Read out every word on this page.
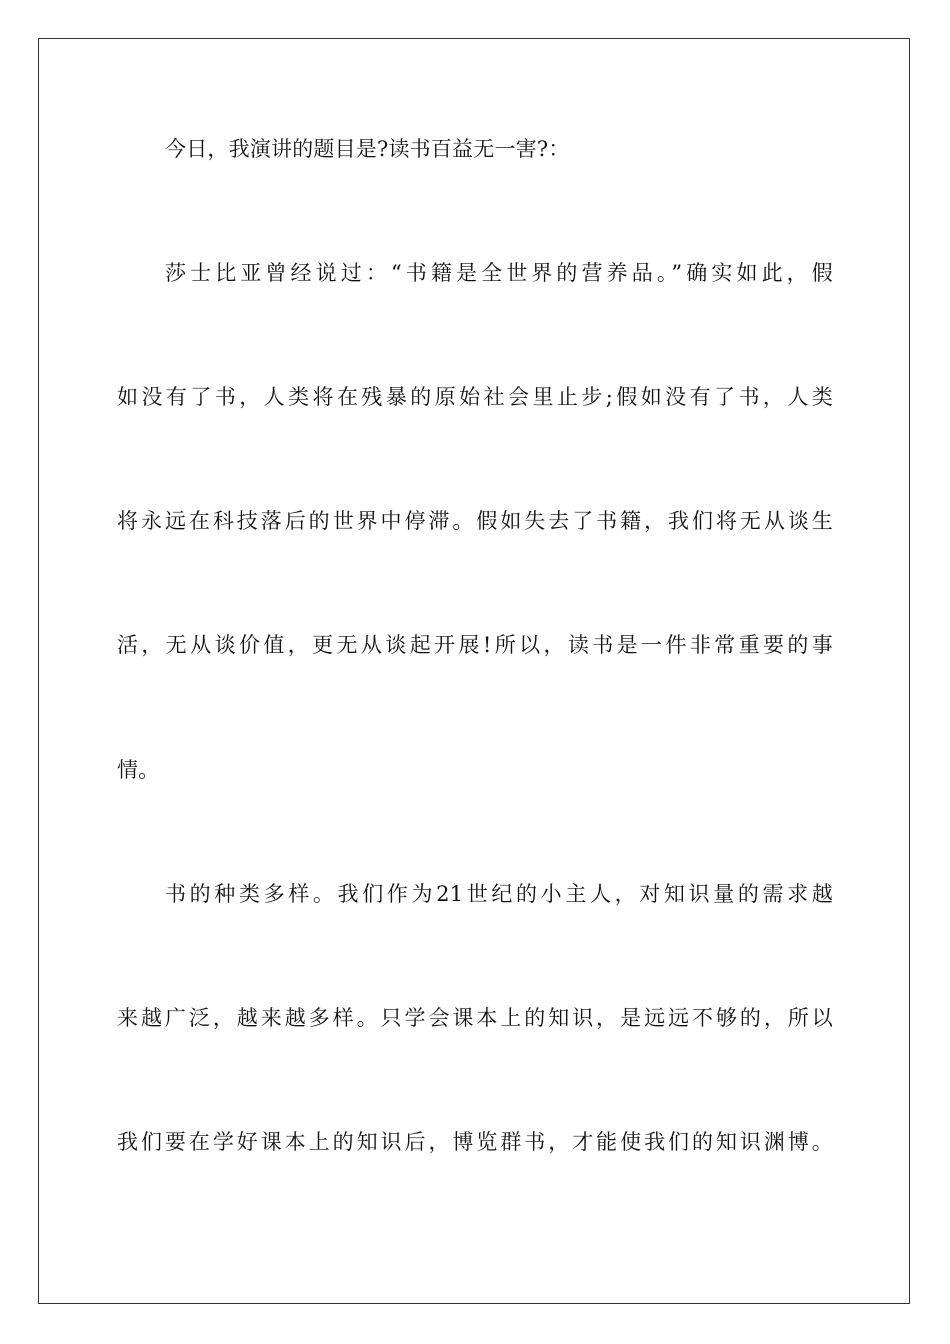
今日，我演讲的题目是?读书百益无一害?：
莎士比亚曾经说过：“书籍是全世界的营养品。”确实如此，假
如没有了书，人类将在残暴的原始社会里止步;假如没有了书，人类
将永远在科技落后的世界中停滞。假如失去了书籍，我们将无从谈生
活，无从谈价值，更无从谈起开展!所以，读书是一件非常重要的事
情。
书的种类多样。我们作为21世纪的小主人，对知识量的需求越
来越广泛，越来越多样。只学会课本上的知识，是远远不够的，所以
我们要在学好课本上的知识后，博览群书，才能使我们的知识渊博。
